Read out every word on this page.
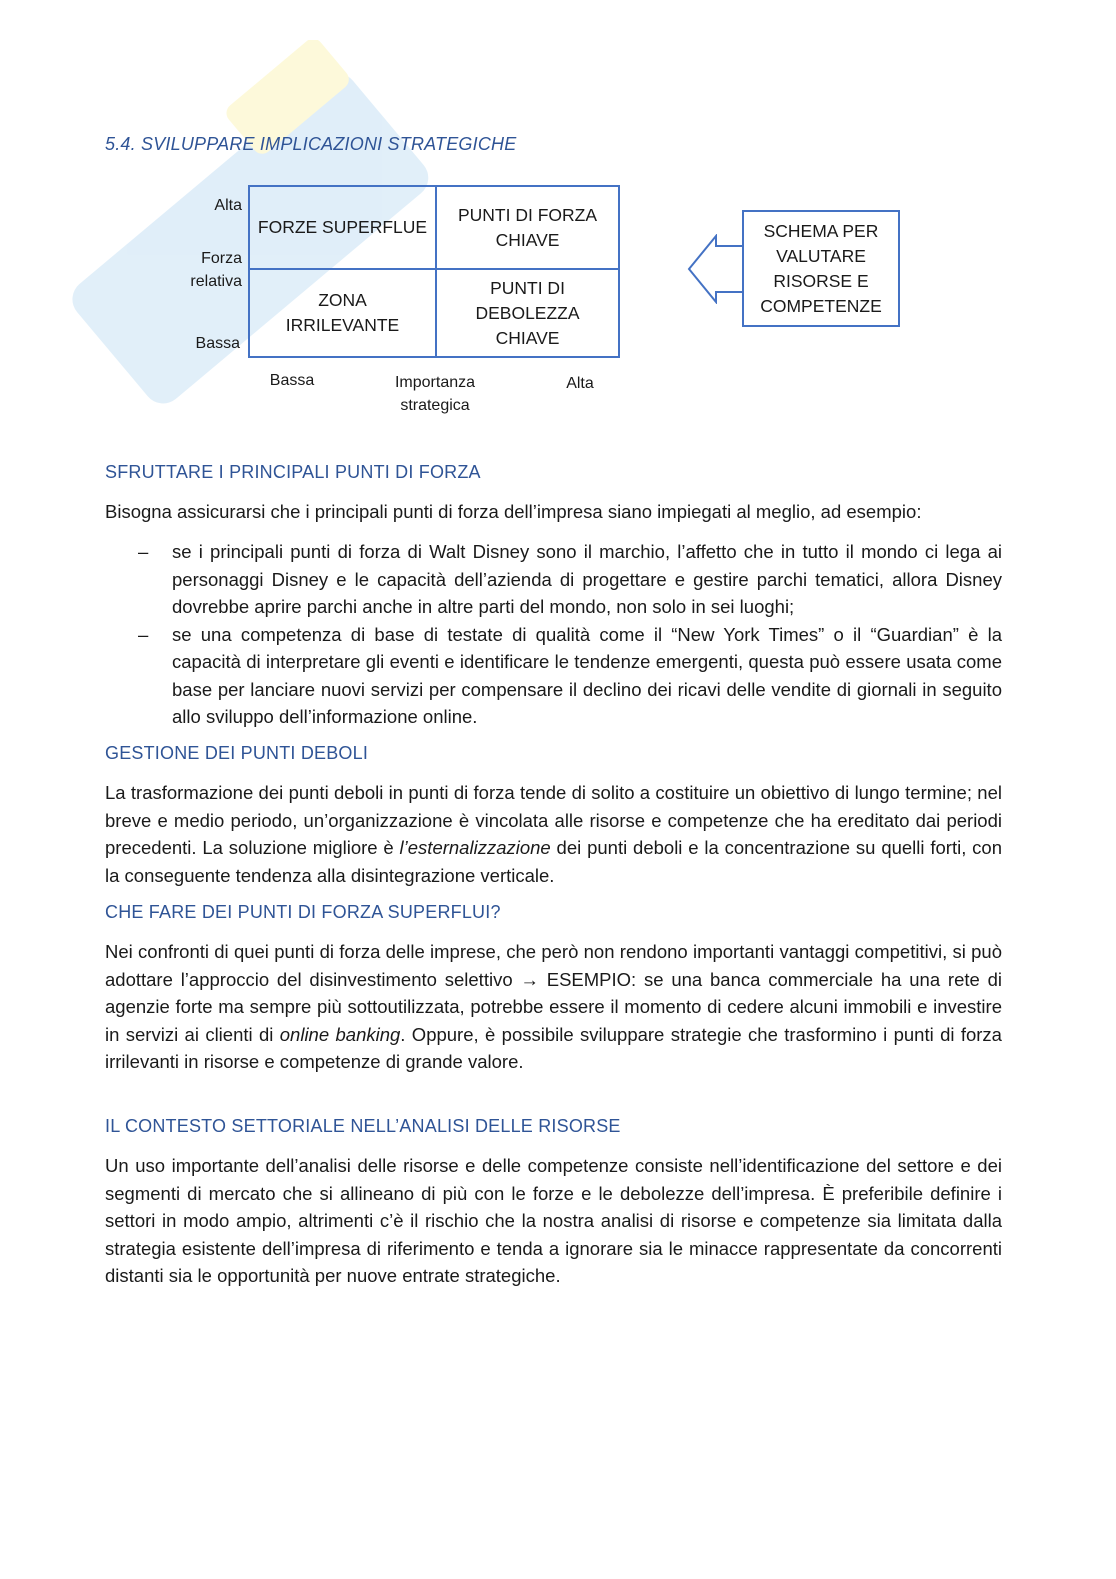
5.4. SVILUPPARE IMPLICAZIONI STRATEGICHE
Alta
Forza
relativa
Bassa
FORZE SUPERFLUE
PUNTI DI FORZA
CHIAVE
ZONA
IRRILEVANTE
PUNTI DI
DEBOLEZZA
CHIAVE
Bassa	Importanza
strategica
Alta
SCHEMA PER
VALUTARE
RISORSE E
COMPETENZE
SFRUTTARE I PRINCIPALI PUNTI DI FORZA

Bisogna assicurarsi che i principali punti di forza dell’impresa siano impiegati al meglio, ad esempio:

– se i principali punti di forza di Walt Disney sono il marchio, l’affetto che in tutto il mondo ci lega ai personaggi Disney e le capacità dell’azienda di progettare e gestire parchi tematici, allora Disney dovrebbe aprire parchi anche in altre parti del mondo, non solo in sei luoghi;
– se una competenza di base di testate di qualità come il “New York Times” o il “Guardian” è la capacità di interpretare gli eventi e identificare le tendenze emergenti, questa può essere usata come base per lanciare nuovi servizi per compensare il declino dei ricavi delle vendite di giornali in seguito allo sviluppo dell’informazione online.
GESTIONE DEI PUNTI DEBOLI

La trasformazione dei punti deboli in punti di forza tende di solito a costituire un obiettivo di lungo termine; nel breve e medio periodo, un’organizzazione è vincolata alle risorse e competenze che ha ereditato dai periodi precedenti. La soluzione migliore è l’esternalizzazione dei punti deboli e la concentrazione su quelli forti, con la conseguente tendenza alla disintegrazione verticale.

CHE FARE DEI PUNTI DI FORZA SUPERFLUI?

Nei confronti di quei punti di forza delle imprese, che però non rendono importanti vantaggi competitivi, si può adottare l’approccio del disinvestimento selettivo → ESEMPIO: se una banca commerciale ha una rete di agenzie forte ma sempre più sottoutilizzata, potrebbe essere il momento di cedere alcuni immobili e investire in servizi ai clienti di online banking. Oppure, è possibile sviluppare strategie che trasformino i punti di forza irrilevanti in risorse e competenze di grande valore.

IL CONTESTO SETTORIALE NELL’ANALISI DELLE RISORSE

Un uso importante dell’analisi delle risorse e delle competenze consiste nell’identificazione del settore e dei segmenti di mercato che si allineano di più con le forze e le debolezze dell’impresa. È preferibile definire i settori in modo ampio, altrimenti c’è il rischio che la nostra analisi di risorse e competenze sia limitata dalla strategia esistente dell’impresa di riferimento e tenda a ignorare sia le minacce rappresentate da concorrenti distanti sia le opportunità per nuove entrate strategiche.
